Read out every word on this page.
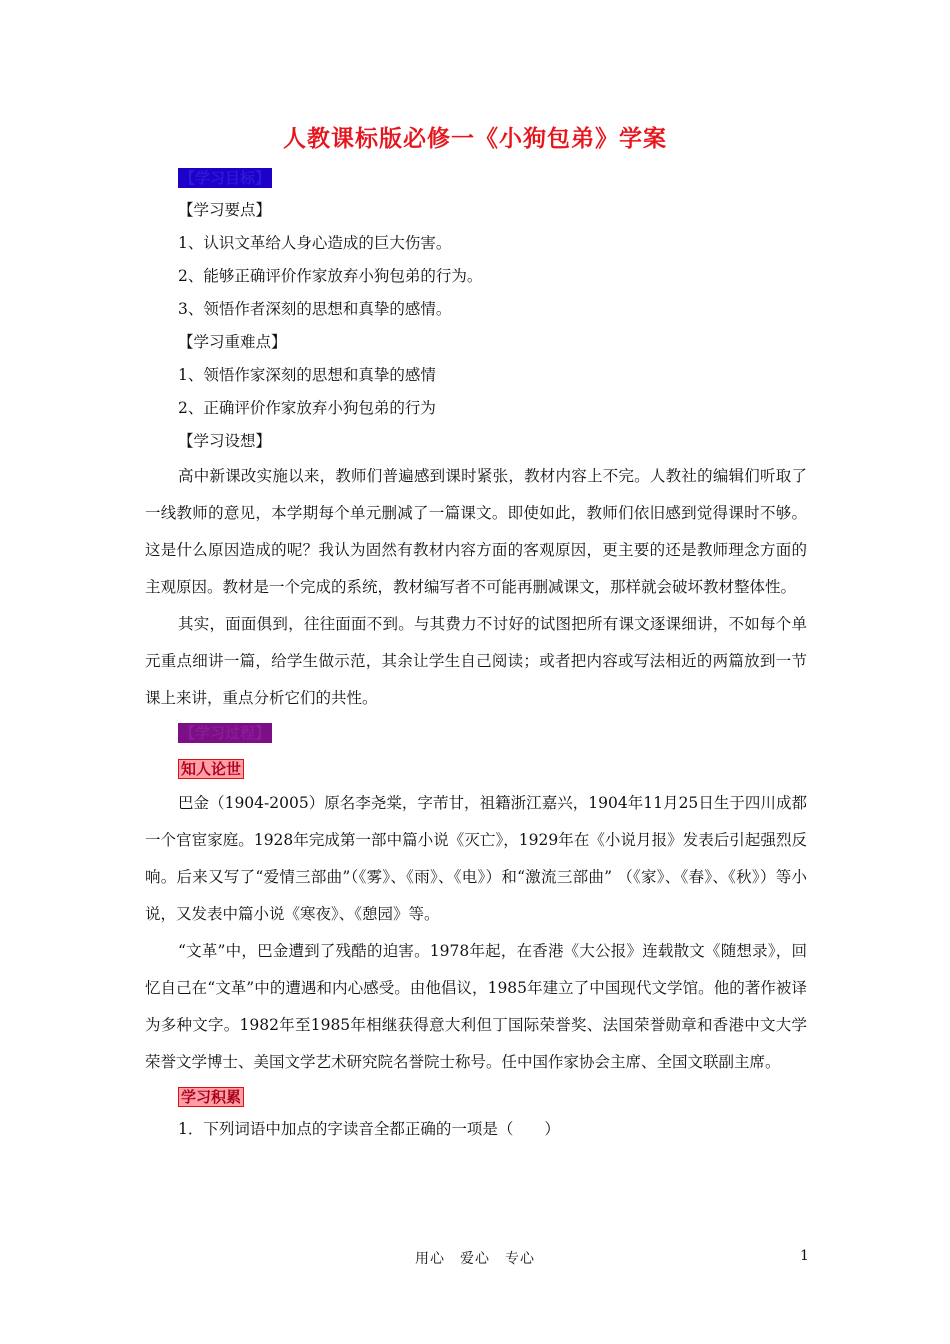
人教课标版必修一《小狗包弟》学案
【学习目标】
【学习要点】
1、认识文革给人身心造成的巨大伤害。
2、能够正确评价作家放弃小狗包弟的行为。
3、领悟作者深刻的思想和真挚的感情。
【学习重难点】
1、领悟作家深刻的思想和真挚的感情
2、正确评价作家放弃小狗包弟的行为
【学习设想】

高中新课改实施以来，教师们普遍感到课时紧张，教材内容上不完。人教社的编辑们听取了一线教师的意见，本学期每个单元删减了一篇课文。即使如此，教师们依旧感到觉得课时不够。这是什么原因造成的呢？我认为固然有教材内容方面的客观原因，更主要的还是教师理念方面的主观原因。教材是一个完成的系统，教材编写者不可能再删减课文，那样就会破坏教材整体性。

其实，面面俱到，往往面面不到。与其费力不讨好的试图把所有课文逐课细讲，不如每个单元重点细讲一篇，给学生做示范，其余让学生自己阅读；或者把内容或写法相近的两篇放到一节课上来讲，重点分析它们的共性。

【学习过程】
知人论世

巴金（1904-2005）原名李尧棠，字芾甘，祖籍浙江嘉兴，1904年11月25日生于四川成都一个官宦家庭。1928年完成第一部中篇小说《灭亡》，1929年在《小说月报》发表后引起强烈反响。后来又写了“爱情三部曲”（《雾》、《雨》、《电》）和“激流三部曲” （《家》、《春》、《秋》）等小说，又发表中篇小说《寒夜》、《憩园》等。

“文革”中，巴金遭到了残酷的迫害。1978年起，在香港《大公报》连载散文《随想录》，回忆自己在“文革”中的遭遇和内心感受。由他倡议，1985年建立了中国现代文学馆。他的著作被译为多种文字。1982年至1985年相继获得意大利但丁国际荣誉奖、法国荣誉勋章和香港中文大学荣誉文学博士、美国文学艺术研究院名誉院士称号。任中国作家协会主席、全国文联副主席。

学习积累
1．下列词语中加点的字读音全都正确的一项是（　　）
用心　爱心　专心	1
